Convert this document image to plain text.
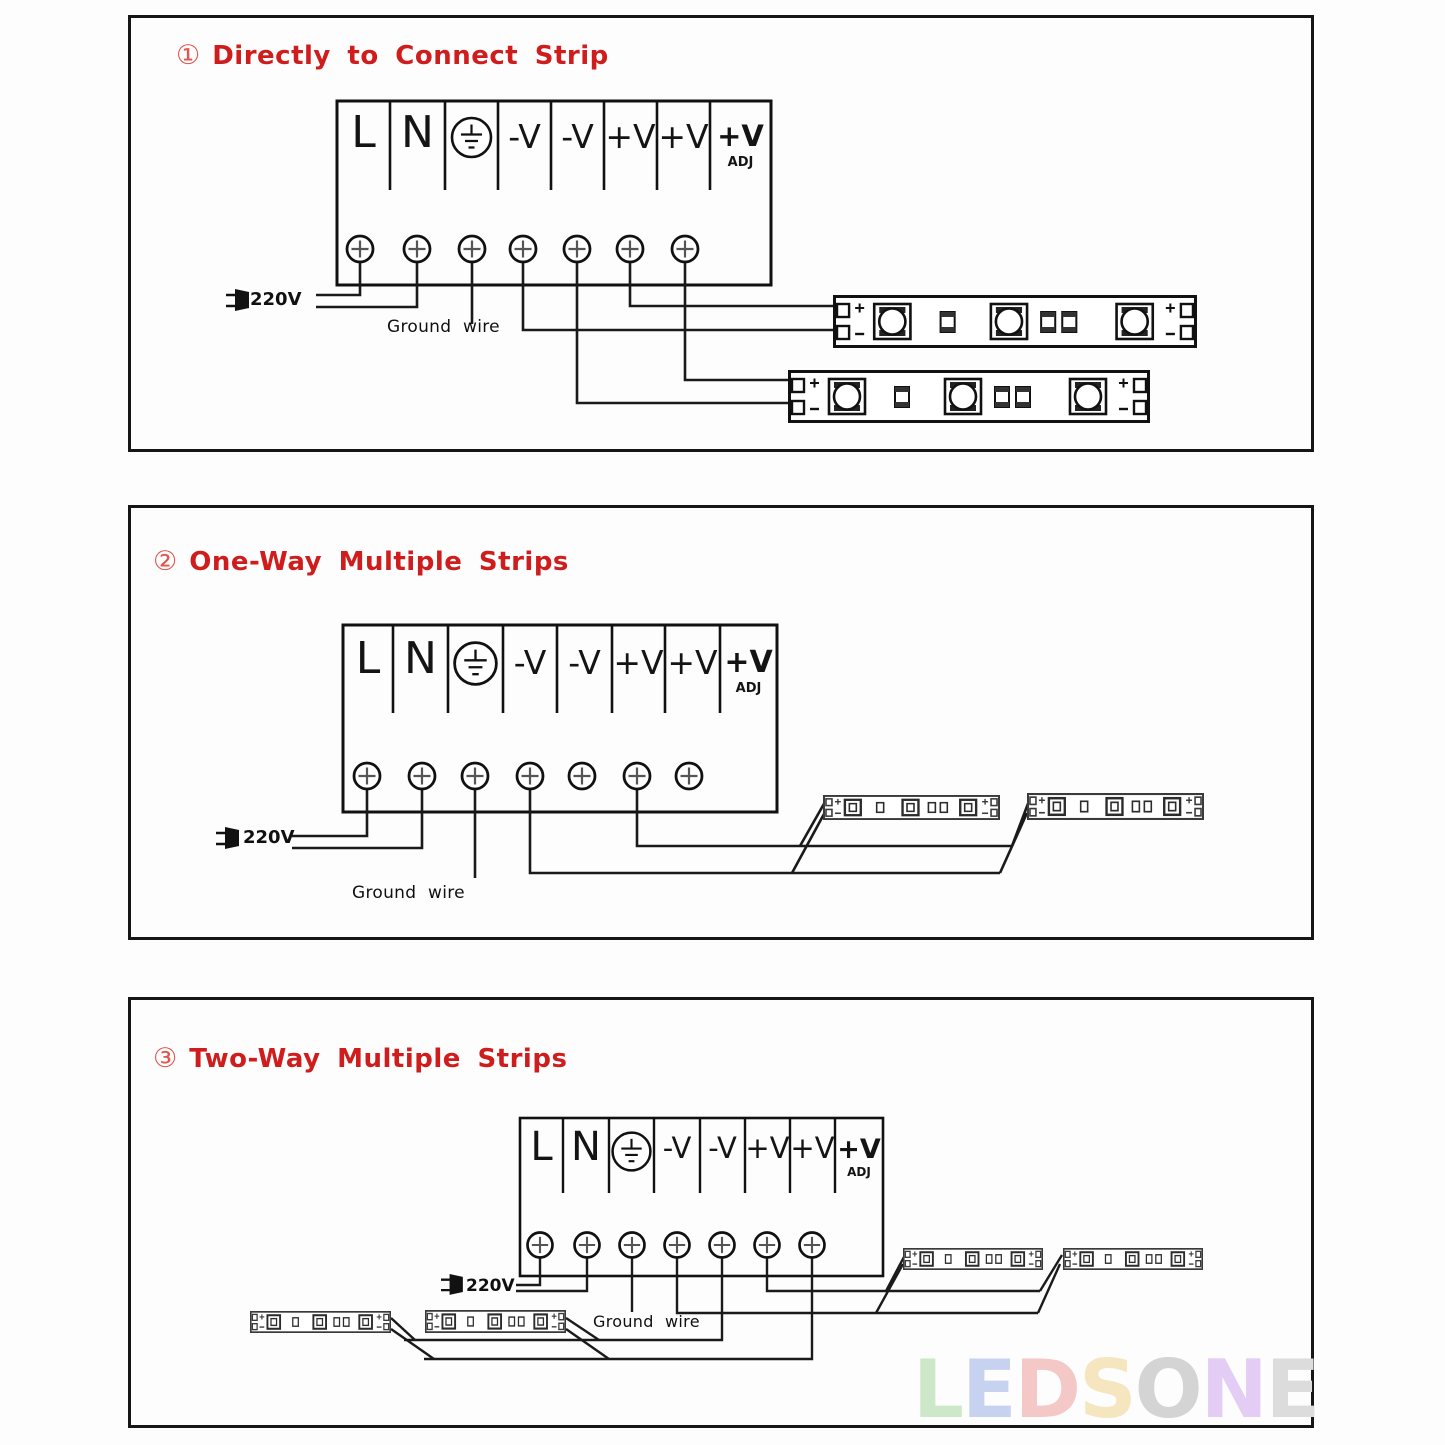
LEDSONE
① Directly to Connect Strip
② One-Way Multiple Strips
③ Two-Way Multiple Strips
L N	-V -V +V +V +V
ADJ
220V
Ground wire
L N	-V -V +V +V +V
ADJ
220V
Ground wire
L N -V -V +V +V +V
ADJ
220V
Ground wire
